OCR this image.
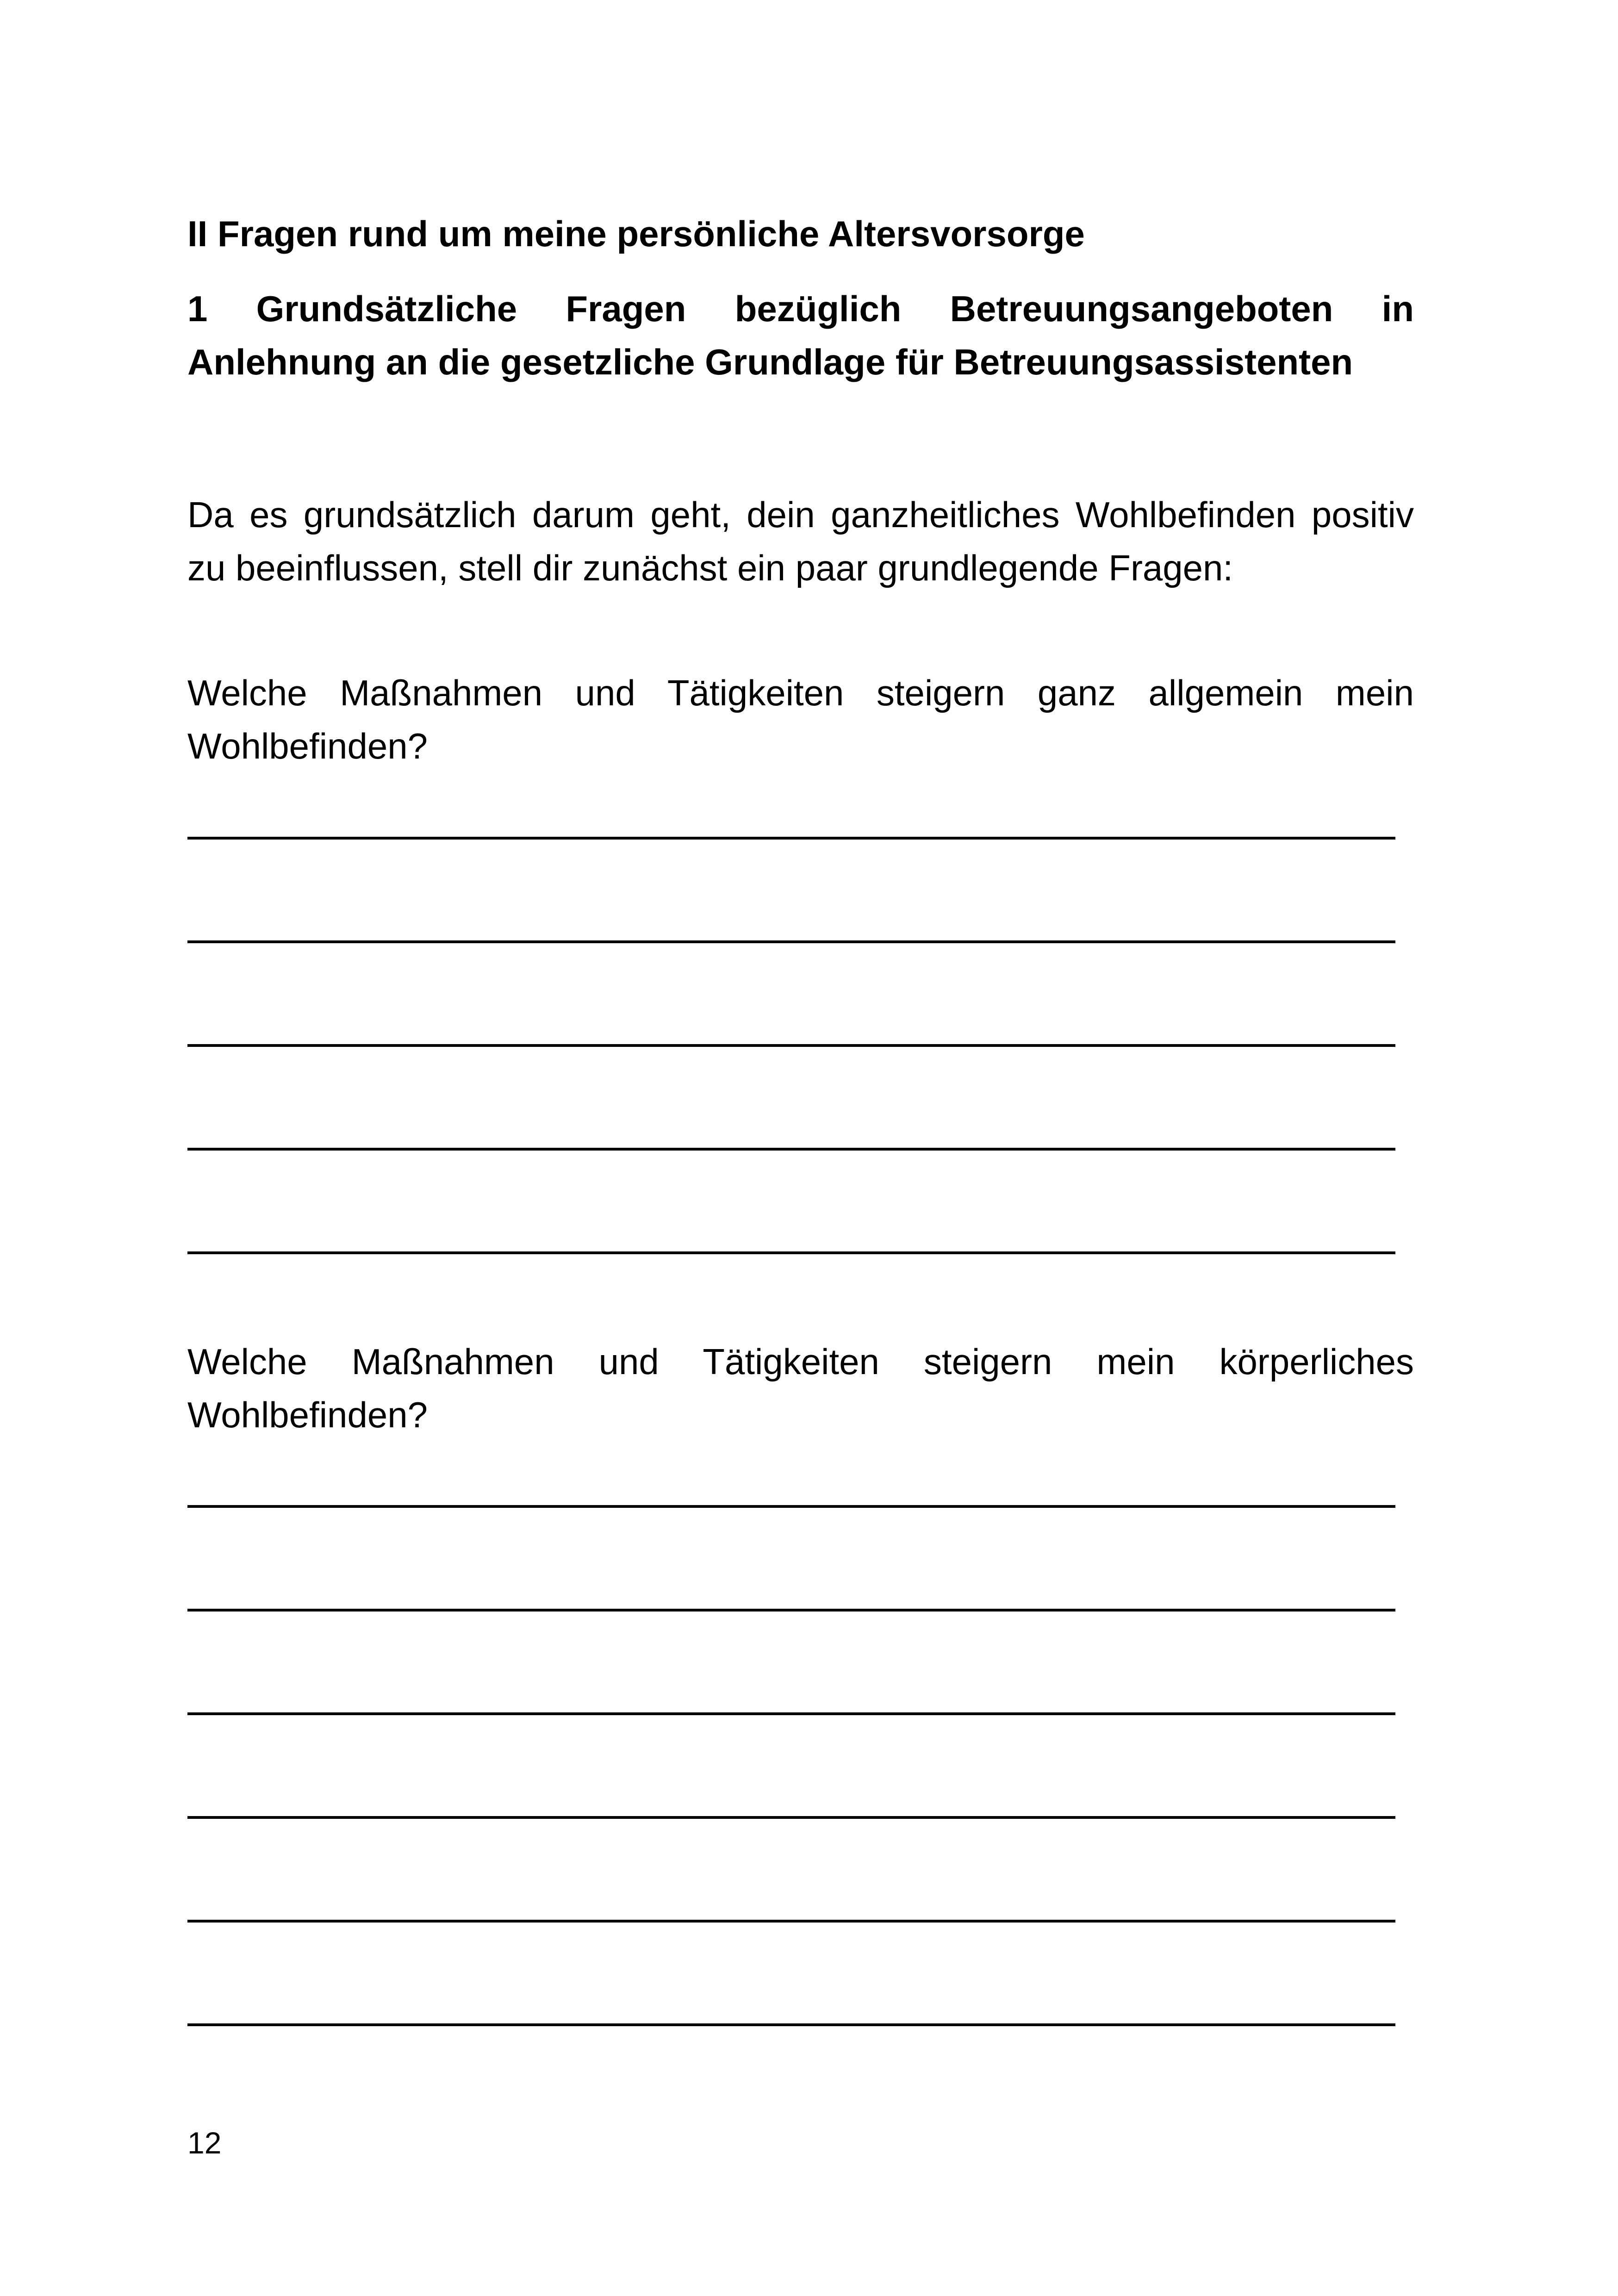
II Fragen rund um meine persönliche Altersvorsorge
1 Grundsätzliche Fragen bezüglich Betreuungsangeboten in Anlehnung an die gesetzliche Grundlage für Betreuungsassistenten

Da es grundsätzlich darum geht, dein ganzheitliches Wohlbefinden positiv zu beeinflussen, stell dir zunächst ein paar grundlegende Fragen:

Welche Maßnahmen und Tätigkeiten steigern ganz allgemein mein Wohlbefinden?

Welche Maßnahmen und Tätigkeiten steigern mein körperliches Wohlbefinden?

12
